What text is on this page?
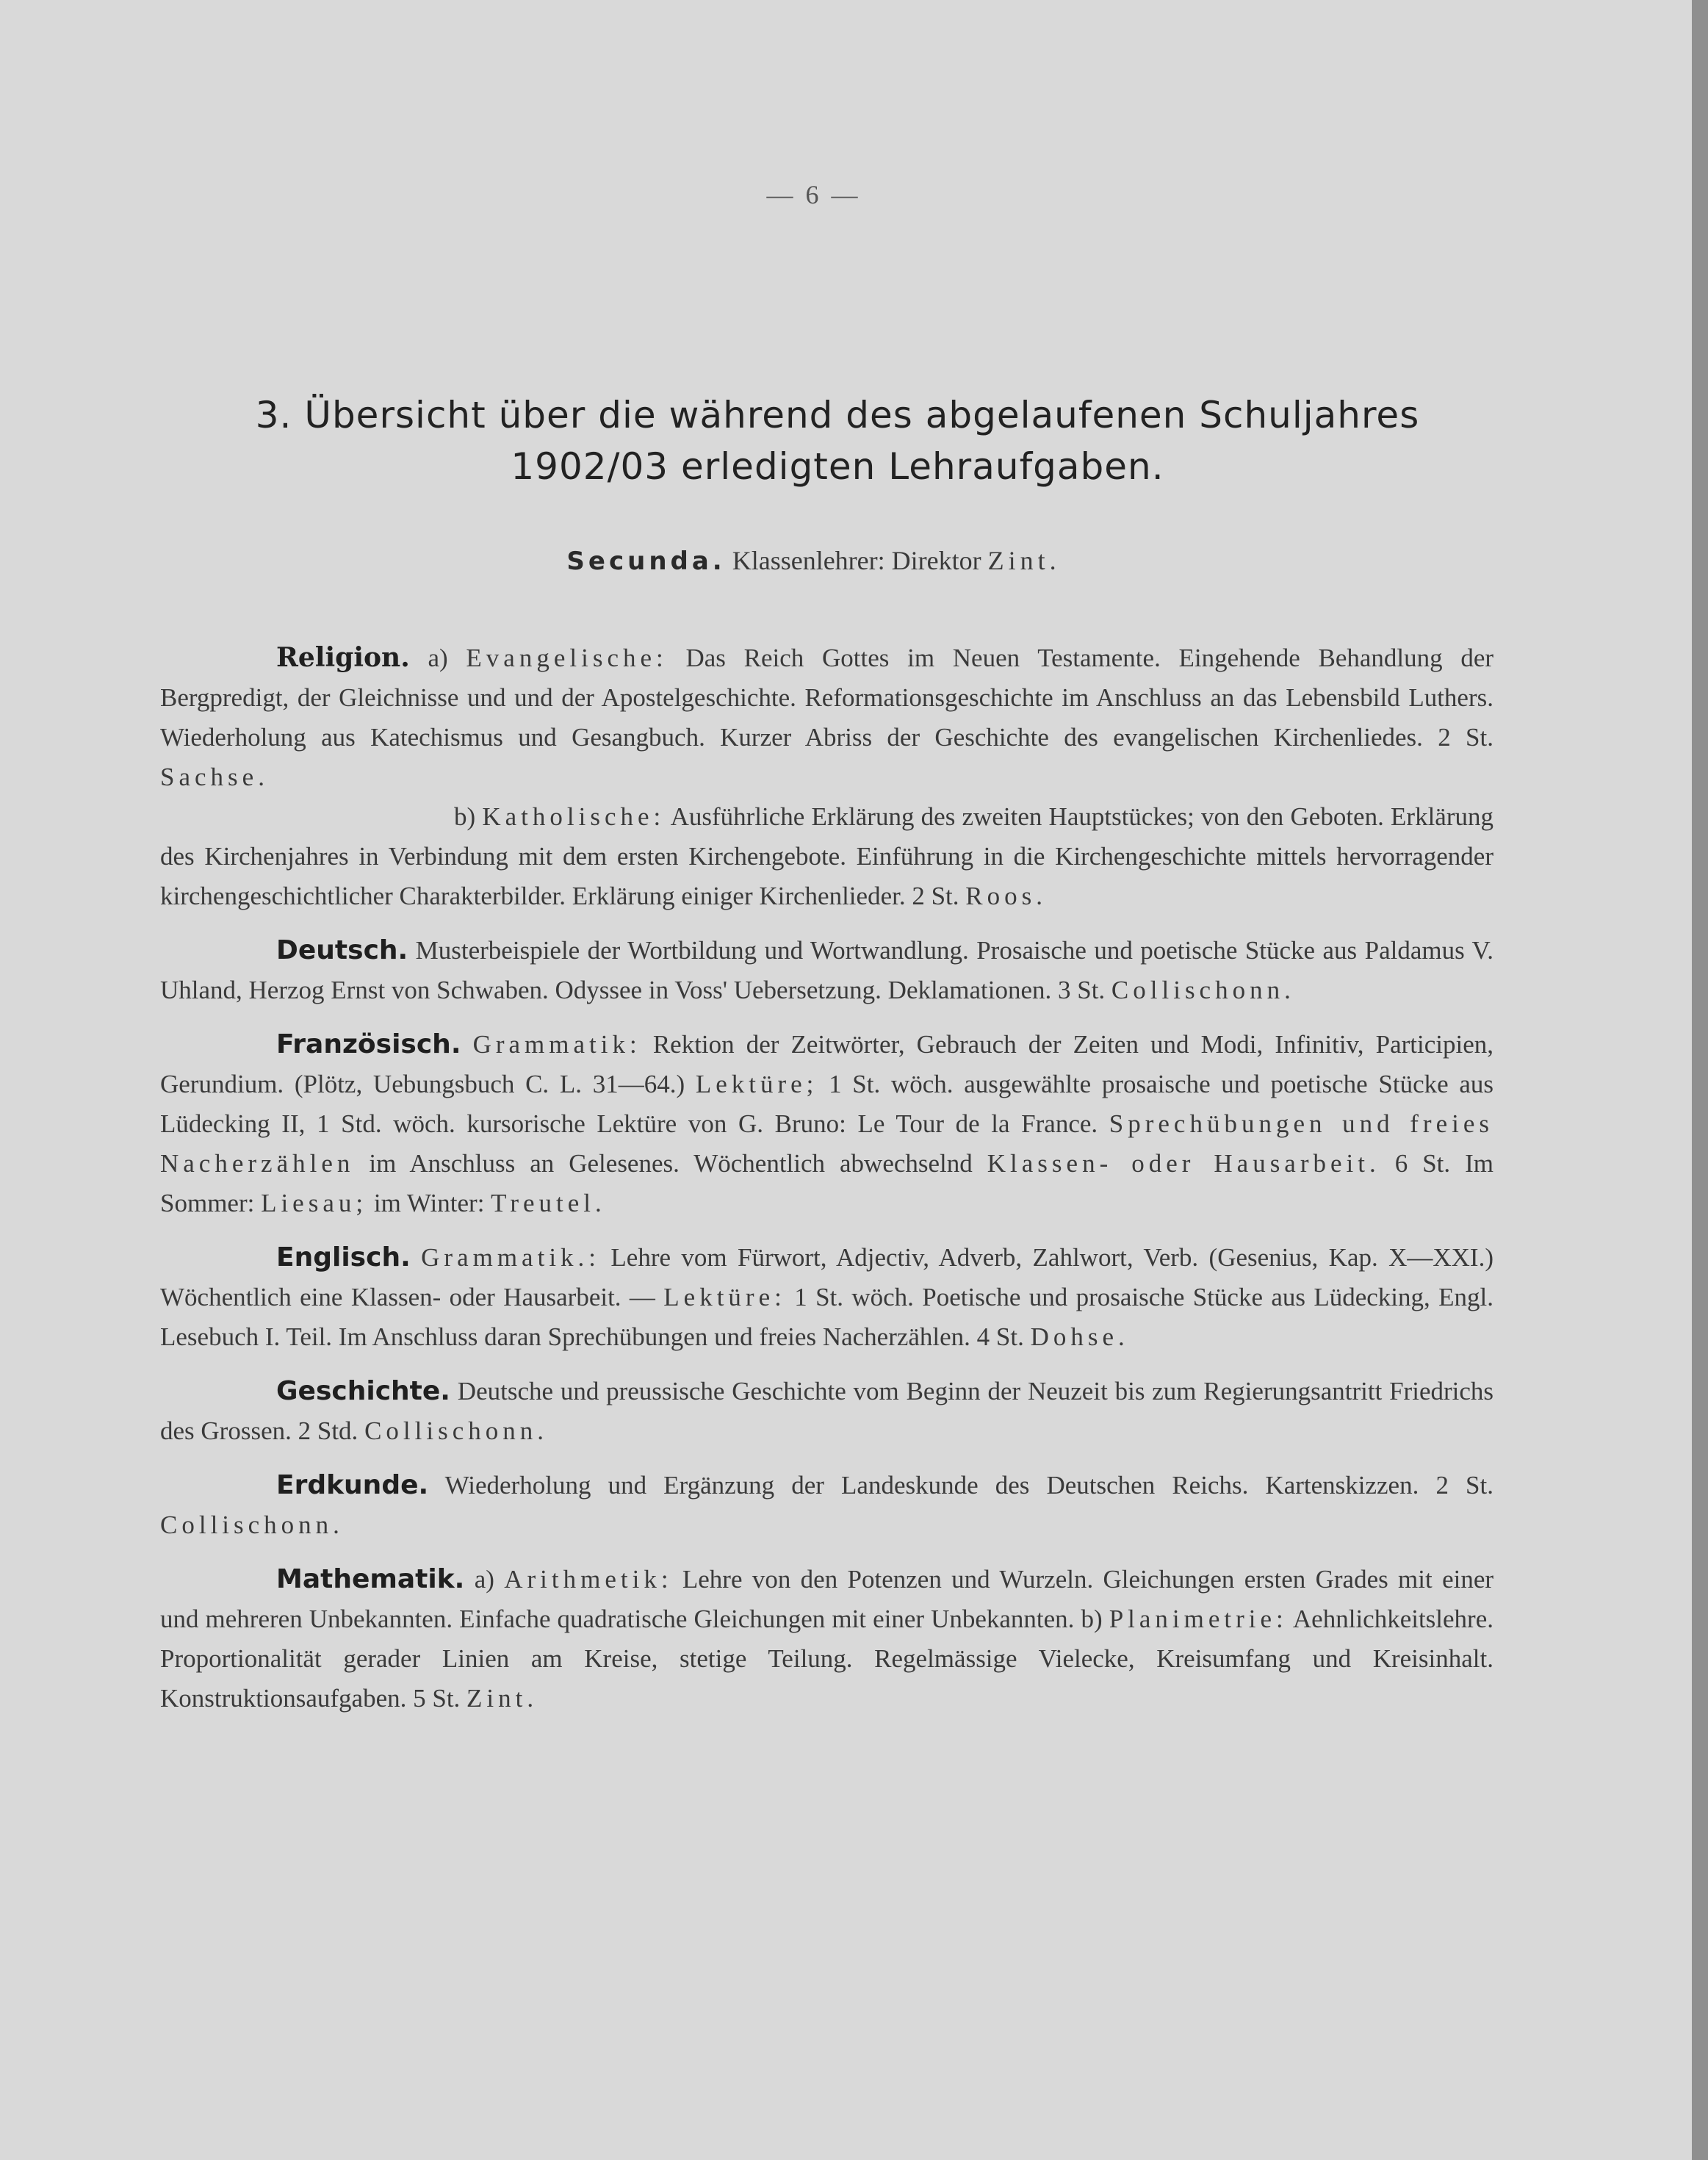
— 6 —
3. Übersicht über die während des abgelaufenen Schuljahres
1902/03 erledigten Lehraufgaben.
Secunda. Klassenlehrer: Direktor Zint.

Religion. a) Evangelische: Das Reich Gottes im Neuen Testamente. Eingehende Behandlung der Bergpredigt, der Gleichnisse und und der Apostelgeschichte. Reformationsgeschichte im Anschluss an das Lebensbild Luthers. Wiederholung aus Katechismus und Gesangbuch. Kurzer Abriss der Geschichte des evangelischen Kirchenliedes. 2 St. Sachse.

b) Katholische: Ausführliche Erklärung des zweiten Hauptstückes; von den Geboten. Erklärung des Kirchenjahres in Verbindung mit dem ersten Kirchengebote. Einführung in die Kirchengeschichte mittels hervorragender kirchengeschichtlicher Charakterbilder. Erklärung einiger Kirchenlieder. 2 St. Roos.

Deutsch. Musterbeispiele der Wortbildung und Wortwandlung. Prosaische und poetische Stücke aus Paldamus V. Uhland, Herzog Ernst von Schwaben. Odyssee in Voss' Uebersetzung. Deklamationen. 3 St. Collischonn.

Französisch. Grammatik: Rektion der Zeitwörter, Gebrauch der Zeiten und Modi, Infinitiv, Participien, Gerundium. (Plötz, Uebungsbuch C. L. 31—64.) Lektüre; 1 St. wöch. ausgewählte prosaische und poetische Stücke aus Lüdecking II, 1 Std. wöch. kursorische Lektüre von G. Bruno: Le Tour de la France. Sprechübungen und freies Nacherzählen im Anschluss an Gelesenes. Wöchentlich abwechselnd Klassen- oder Hausarbeit. 6 St. Im Sommer: Liesau; im Winter: Treutel.

Englisch. Grammatik.: Lehre vom Fürwort, Adjectiv, Adverb, Zahlwort, Verb. (Gesenius, Kap. X—XXI.) Wöchentlich eine Klassen- oder Hausarbeit. — Lektüre: 1 St. wöch. Poetische und prosaische Stücke aus Lüdecking, Engl. Lesebuch I. Teil. Im Anschluss daran Sprechübungen und freies Nacherzählen. 4 St. Dohse.

Geschichte. Deutsche und preussische Geschichte vom Beginn der Neuzeit bis zum Regierungsantritt Friedrichs des Grossen. 2 Std. Collischonn.

Erdkunde. Wiederholung und Ergänzung der Landeskunde des Deutschen Reichs. Kartenskizzen. 2 St. Collischonn.

Mathematik. a) Arithmetik: Lehre von den Potenzen und Wurzeln. Gleichungen ersten Grades mit einer und mehreren Unbekannten. Einfache quadratische Gleichungen mit einer Unbekannten. b) Planimetrie: Aehnlichkeitslehre. Proportionalität gerader Linien am Kreise, stetige Teilung. Regelmässige Vielecke, Kreisumfang und Kreisinhalt. Konstruktionsaufgaben. 5 St. Zint.
